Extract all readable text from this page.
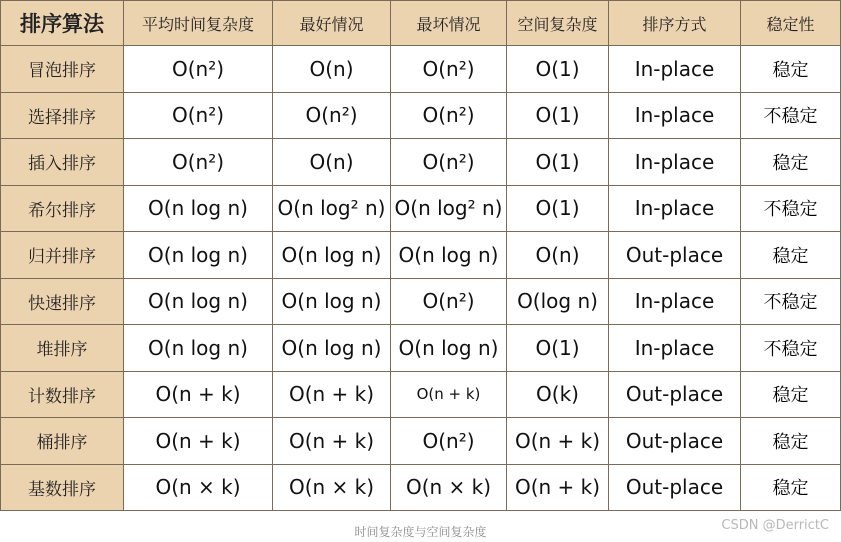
排序算法	平均时间复杂度	最好情况	最坏情况	空间复杂度	排序方式	稳定性
冒泡排序	O(n²)	O(n)	O(n²)	O(1)	In-place	稳定
选择排序	O(n²)	O(n²)	O(n²)	O(1)	In-place	不稳定
插入排序	O(n²)	O(n)	O(n²)	O(1)	In-place	稳定
希尔排序	O(n log n)	O(n log² n)	O(n log² n)	O(1)	In-place	不稳定
归并排序	O(n log n)	O(n log n)	O(n log n)	O(n)	Out-place	稳定
快速排序	O(n log n)	O(n log n)	O(n²)	O(log n)	In-place	不稳定
堆排序	O(n log n)	O(n log n)	O(n log n)	O(1)	In-place	不稳定
计数排序	O(n + k)	O(n + k)	O(n + k)	O(k)	Out-place	稳定
桶排序	O(n + k)	O(n + k)	O(n²)	O(n + k)	Out-place	稳定
基数排序	O(n × k)	O(n × k)	O(n × k)	O(n + k)	Out-place	稳定
时间复杂度与空间复杂度	CSDN @DerrictC
